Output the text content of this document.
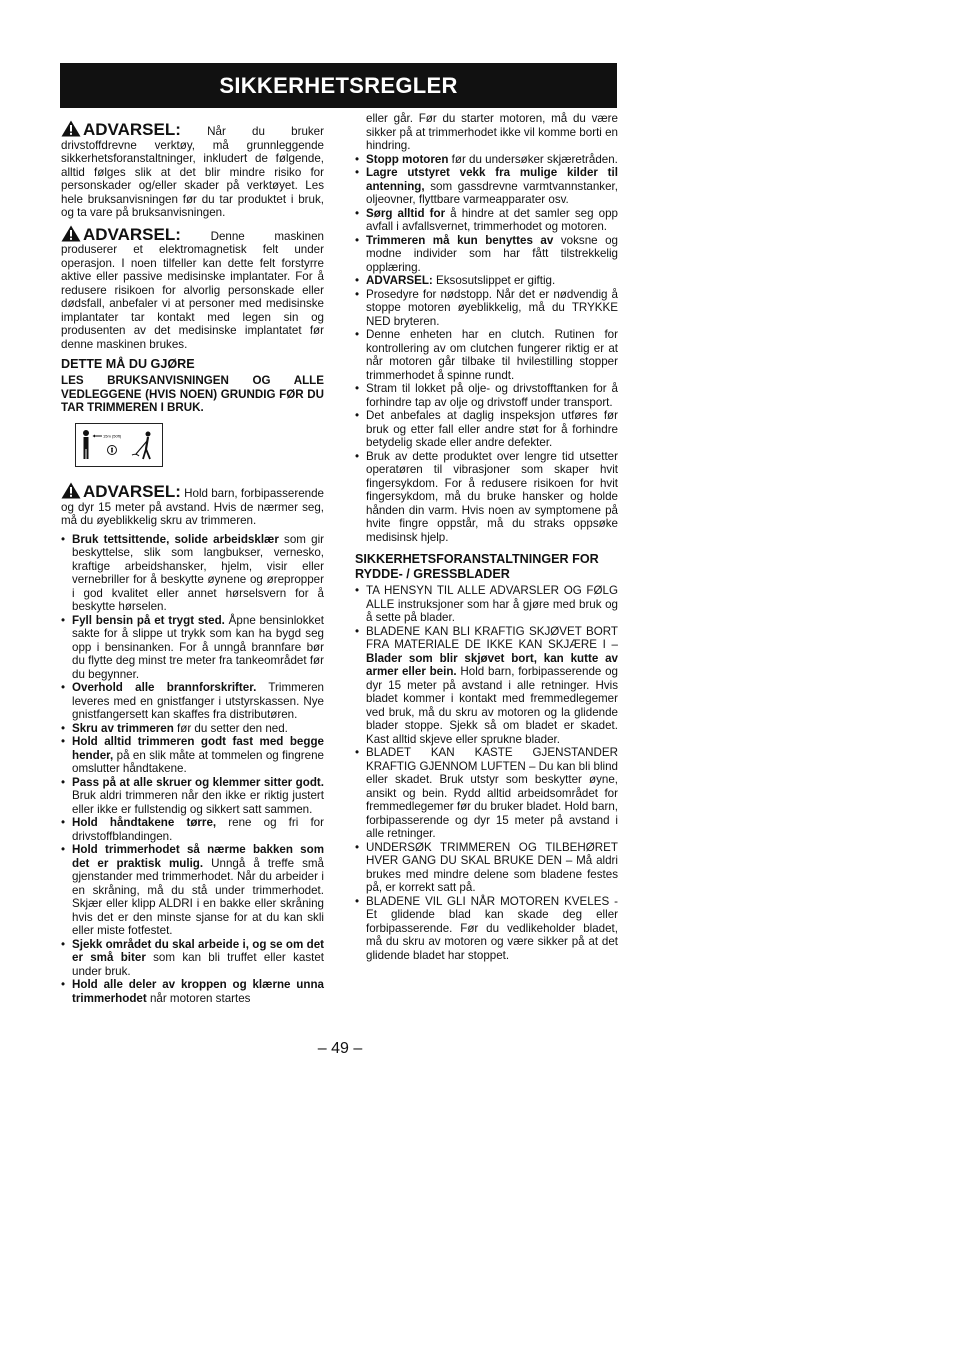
SIKKERHETSREGLER

ADVARSEL: Når du bruker drivstoffdrevne verktøy, må grunnleggende sikkerhetsforanstaltninger, inkludert de følgende, alltid følges slik at det blir mindre risiko for personskader og/eller skader på verktøyet. Les hele bruksanvisningen før du tar produktet i bruk, og ta vare på bruksanvisningen.

ADVARSEL: Denne maskinen produserer et elektromagnetisk felt under operasjon. I noen tilfeller kan dette felt forstyrre aktive eller passive medisinske implantater. For å redusere risikoen for alvorlig personskade eller dødsfall, anbefaler vi at personer med medisinske implantater tar kontakt med legen sin og produsenten av det medisinske implantatet før denne maskinen brukes.

DETTE MÅ DU GJØRE

LES BRUKSANVISNINGEN OG ALLE VEDLEGGENE (HVIS NOEN) GRUNDIG FØR DU TAR TRIMMEREN I BRUK.

15m (50ft)

ADVARSEL: Hold barn, forbipasserende og dyr 15 meter på avstand. Hvis de nærmer seg, må du øyeblikkelig skru av trimmeren.

• Bruk tettsittende, solide arbeidsklær som gir beskyttelse, slik som langbukser, vernesko, kraftige arbeidshansker, hjelm, visir eller vernebriller for å beskytte øynene og ørepropper i god kvalitet eller annet hørselsvern for å beskytte hørselen.
• Fyll bensin på et trygt sted. Åpne bensinlokket sakte for å slippe ut trykk som kan ha bygd seg opp i bensinanken. For å unngå brannfare bør du flytte deg minst tre meter fra tankeområdet før du begynner.
• Overhold alle brannforskrifter. Trimmeren leveres med en gnistfanger i utstyrskassen. Nye gnistfangersett kan skaffes fra distributøren.
• Skru av trimmeren før du setter den ned.
• Hold alltid trimmeren godt fast med begge hender, på en slik måte at tommelen og fingrene omslutter håndtakene.
• Pass på at alle skruer og klemmer sitter godt. Bruk aldri trimmeren når den ikke er riktig justert eller ikke er fullstendig og sikkert satt sammen.
• Hold håndtakene tørre, rene og fri for drivstoffblandingen.
• Hold trimmerhodet så nærme bakken som det er praktisk mulig. Unngå å treffe små gjenstander med trimmerhodet. Når du arbeider i en skråning, må du stå under trimmerhodet. Skjær eller klipp ALDRI i en bakke eller skråning hvis det er den minste sjanse for at du kan skli eller miste fotfestet.
• Sjekk området du skal arbeide i, og se om det er små biter som kan bli truffet eller kastet under bruk.
• Hold alle deler av kroppen og klærne unna trimmerhodet når motoren startes

eller går. Før du starter motoren, må du være sikker på at trimmerhodet ikke vil komme borti en hindring.

• Stopp motoren før du undersøker skjæretråden.
• Lagre utstyret vekk fra mulige kilder til antenning, som gassdrevne varmtvannstanker, oljeovner, flyttbare varmeapparater osv.
• Sørg alltid for å hindre at det samler seg opp avfall i avfallsvernet, trimmerhodet og motoren.
• Trimmeren må kun benyttes av voksne og modne individer som har fått tilstrekkelig opplæring.
• ADVARSEL: Eksosutslippet er giftig.
• Prosedyre for nødstopp. Når det er nødvendig å stoppe motoren øyeblikkelig, må du TRYKKE NED bryteren.
• Denne enheten har en clutch. Rutinen for kontrollering av om clutchen fungerer riktig er at når motoren går tilbake til hvilestilling stopper trimmerhodet å spinne rundt.
• Stram til lokket på olje- og drivstofftanken for å forhindre tap av olje og drivstoff under transport.
• Det anbefales at daglig inspeksjon utføres før bruk og etter fall eller andre støt for å forhindre betydelig skade eller andre defekter.
• Bruk av dette produktet over lengre tid utsetter operatøren til vibrasjoner som skaper hvit fingersykdom. For å redusere risikoen for hvit fingersykdom, må du bruke hansker og holde hånden din varm. Hvis noen av symptomene på hvite fingre oppstår, må du straks oppsøke medisinsk hjelp.
SIKKERHETSFORANSTALTNINGER FOR RYDDE- / GRESSBLADER
• TA HENSYN TIL ALLE ADVARSLER OG FØLG ALLE instruksjoner som har å gjøre med bruk og å sette på blader.
• BLADENE KAN BLI KRAFTIG SKJØVET BORT FRA MATERIALE DE IKKE KAN SKJÆRE I – Blader som blir skjøvet bort, kan kutte av armer eller bein. Hold barn, forbipasserende og dyr 15 meter på avstand i alle retninger. Hvis bladet kommer i kontakt med fremmedlegemer ved bruk, må du skru av motoren og la glidende blader stoppe. Sjekk så om bladet er skadet. Kast alltid skjeve eller sprukne blader.
• BLADET KAN KASTE GJENSTANDER KRAFTIG GJENNOM LUFTEN – Du kan bli blind eller skadet. Bruk utstyr som beskytter øyne, ansikt og bein. Rydd alltid arbeidsområdet for fremmedlegemer før du bruker bladet. Hold barn, forbipasserende og dyr 15 meter på avstand i alle retninger.
• UNDERSØK TRIMMEREN OG TILBEHØRET HVER GANG DU SKAL BRUKE DEN – Må aldri brukes med mindre delene som bladene festes på, er korrekt satt på.
• BLADENE VIL GLI NÅR MOTOREN KVELES - Et glidende blad kan skade deg eller forbipasserende. Før du vedlikeholder bladet, må du skru av motoren og være sikker på at det glidende bladet har stoppet.
– 49 –
